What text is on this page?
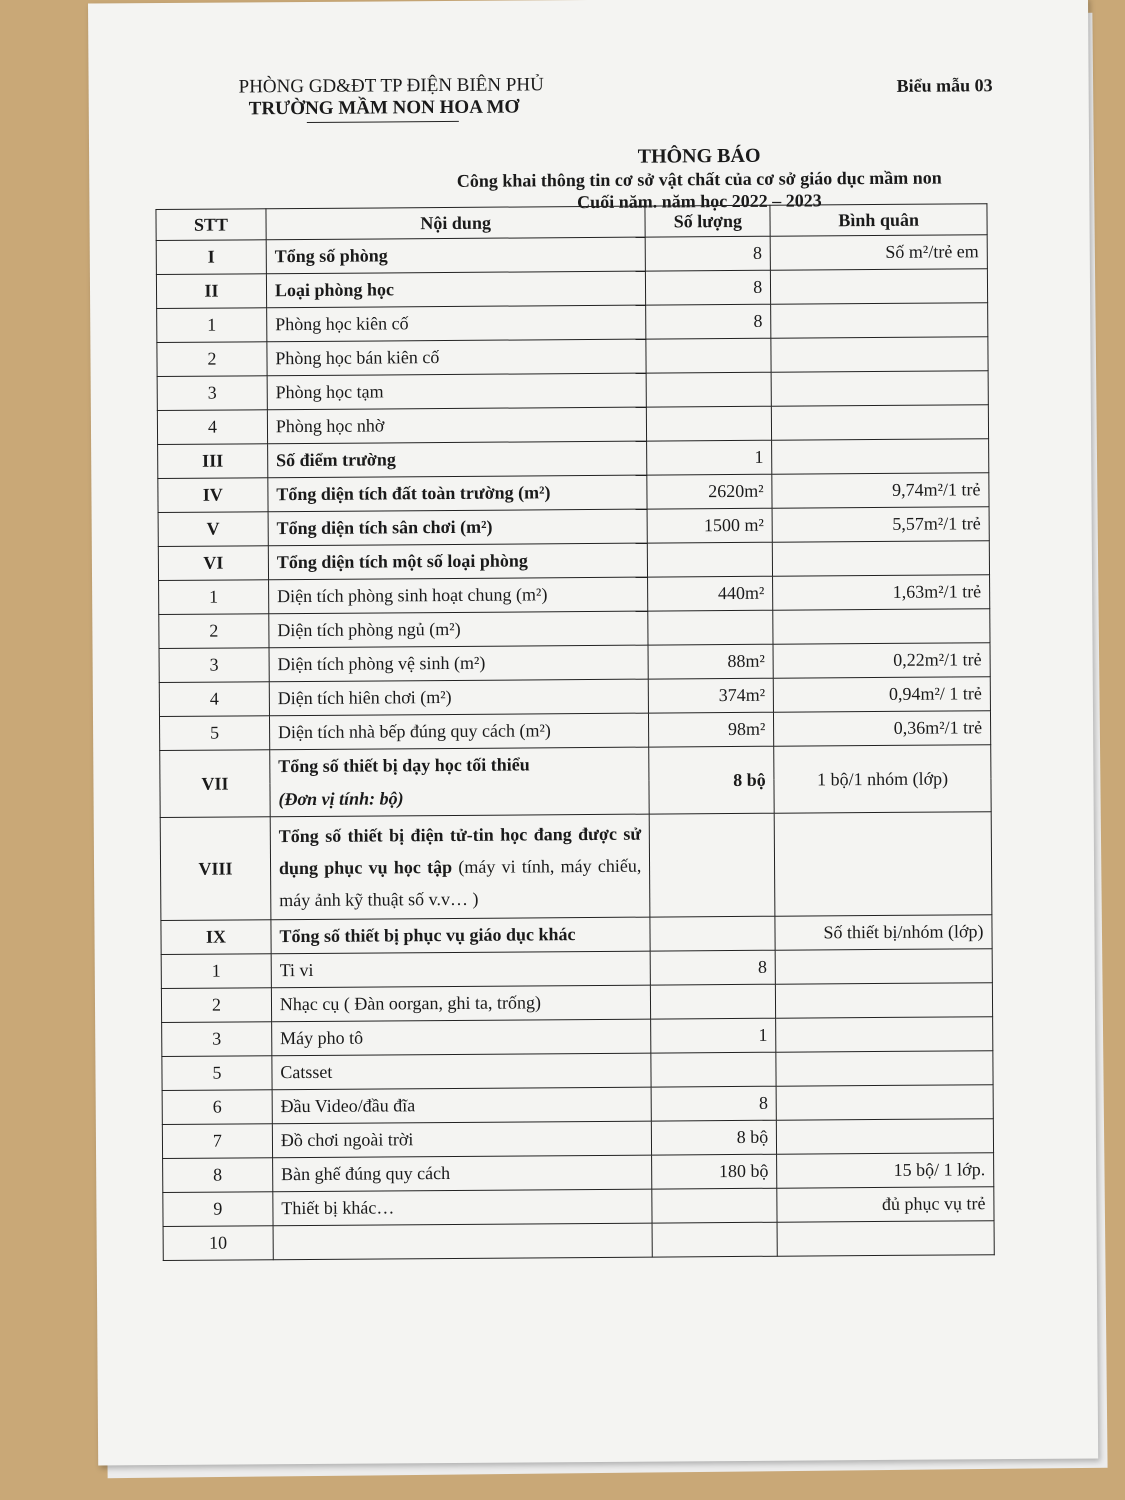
PHÒNG GD&ĐT TP ĐIỆN BIÊN PHỦ
TRƯỜNG MẦM NON HOA MƠ
Biểu mẫu 03
THÔNG BÁO
Công khai thông tin cơ sở vật chất của cơ sở giáo dục mầm non
Cuối năm. năm học 2022 – 2023
STT	Nội dung	Số lượng	Bình quân
I	Tổng số phòng	8	Số m²/trẻ em
II	Loại phòng học	8	
1	Phòng học kiên cố	8	
2	Phòng học bán kiên cố		
3	Phòng học tạm		
4	Phòng học nhờ		
III	Số điểm trường	1	
IV	Tổng diện tích đất toàn trường (m²)	2620m²	9,74m²/1 trẻ
V	Tổng diện tích sân chơi (m²)	1500 m²	5,57m²/1 trẻ
VI	Tổng diện tích một số loại phòng		
1	Diện tích phòng sinh hoạt chung (m²)	440m²	1,63m²/1 trẻ
2	Diện tích phòng ngủ (m²)		
3	Diện tích phòng vệ sinh (m²)	88m²	0,22m²/1 trẻ
4	Diện tích hiên chơi (m²)	374m²	0,94m²/ 1 trẻ
5	Diện tích nhà bếp đúng quy cách (m²)	98m²	0,36m²/1 trẻ
VII	Tổng số thiết bị dạy học tối thiểu	8 bộ	1 bộ/1 nhóm (lớp)
	(Đơn vị tính: bộ)		
VIII	Tổng số thiết bị điện tử-tin học đang được sử dụng phục vụ học tập (máy vi tính, máy chiếu, máy ảnh kỹ thuật số v.v… )		
IX	Tổng số thiết bị phục vụ giáo dục khác		Số thiết bị/nhóm (lớp)
1	Ti vi	8	
2	Nhạc cụ ( Đàn oorgan, ghi ta, trống)		
3	Máy pho tô	1	
5	Catsset		
6	Đầu Video/đầu đĩa	8	
7	Đồ chơi ngoài trời	8 bộ	
8	Bàn ghế đúng quy cách	180 bộ	15 bộ/ 1 lớp.
9	Thiết bị khác…		đủ phục vụ trẻ
10			
